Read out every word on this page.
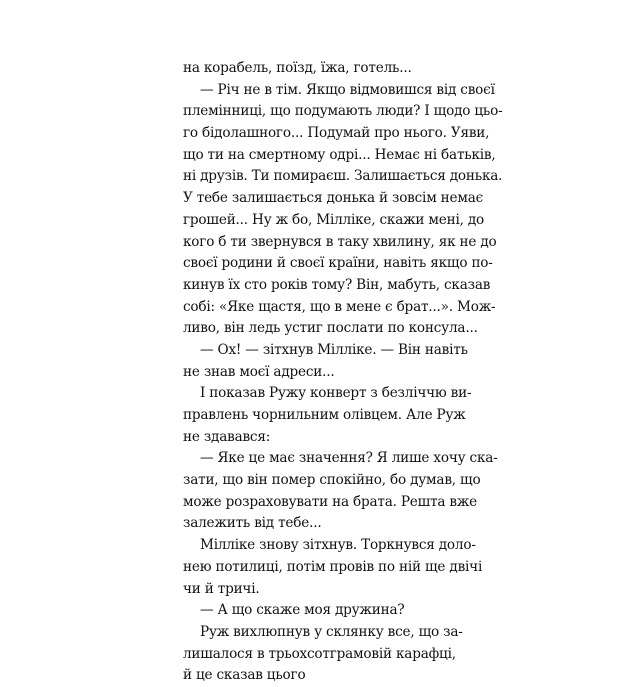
на корабель, поїзд, їжа, готель...
— Річ не в тім. Якщо відмовишся від своєї
племінниці, що подумають люди? І щодо цьо-
го бідолашного... Подумай про нього. Уяви,
що ти на смертному одрі... Немає ні батьків,
ні друзів. Ти помираєш. Залишається донька.
У тебе залишається донька й зовсім немає
грошей... Ну ж бо, Мілліке, скажи мені, до
кого б ти звернувся в таку хвилину, як не до
своєї родини й своєї країни, навіть якщо по-
кинув їх сто років тому? Він, мабуть, сказав
собі: «Яке щастя, що в мене є брат...». Мож-
ливо, він ледь устиг послати по консула...
— Ох! — зітхнув Мілліке. — Він навіть
не знав моєї адреси...
І показав Ружу конверт з безліччю ви-
правлень чорнильним олівцем. Але Руж
не здавався:
— Яке це має значення? Я лише хочу ска-
зати, що він помер спокійно, бо думав, що
може розраховувати на брата. Решта вже
залежить від тебе...
Мілліке знову зітхнув. Торкнувся доло-
нею потилиці, потім провів по ній ще двічі
чи й тричі.
— А що скаже моя дружина?
Руж вихлюпнув у склянку все, що за-
лишалося в трьохсотграмовій карафці,
й це сказав цього
